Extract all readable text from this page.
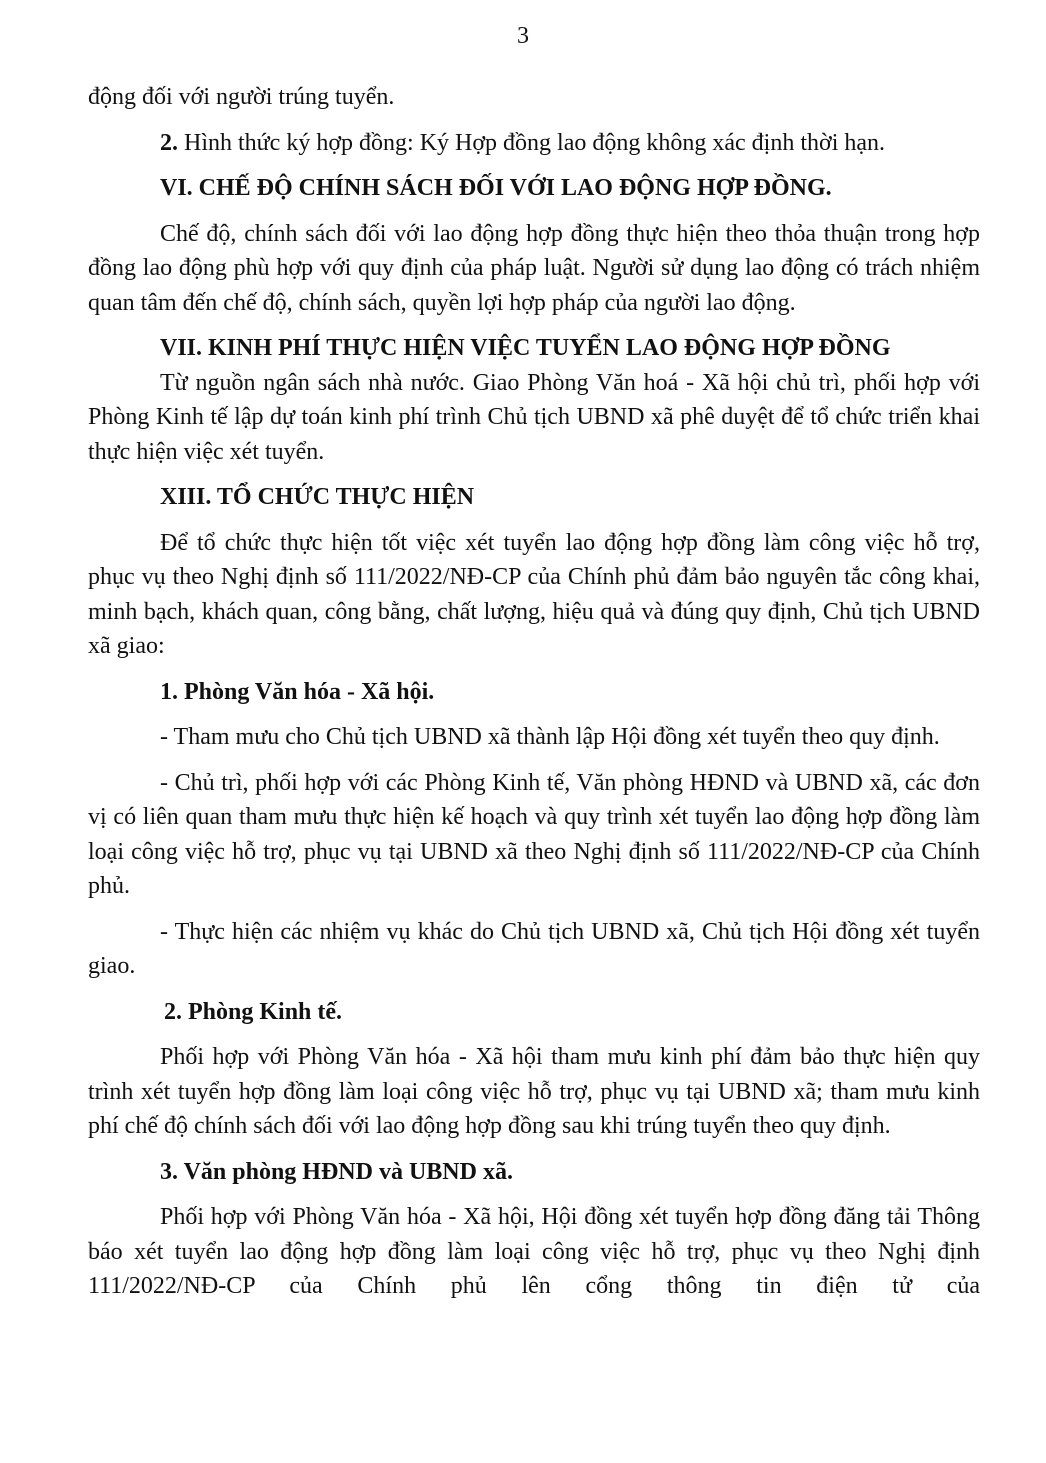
3

động đối với người trúng tuyển.

2. Hình thức ký hợp đồng: Ký Hợp đồng lao động không xác định thời hạn.

VI. CHẾ ĐỘ CHÍNH SÁCH ĐỐI VỚI LAO ĐỘNG HỢP ĐỒNG.

Chế độ, chính sách đối với lao động hợp đồng thực hiện theo thỏa thuận trong hợp đồng lao động phù hợp với quy định của pháp luật. Người sử dụng lao động có trách nhiệm quan tâm đến chế độ, chính sách, quyền lợi hợp pháp của người lao động.

VII. KINH PHÍ THỰC HIỆN VIỆC TUYỂN LAO ĐỘNG HỢP ĐỒNG

Từ nguồn ngân sách nhà nước. Giao Phòng Văn hoá - Xã hội chủ trì, phối hợp với Phòng Kinh tế lập dự toán kinh phí trình Chủ tịch UBND xã phê duyệt để tổ chức triển khai thực hiện việc xét tuyển.

XIII. TỔ CHỨC THỰC HIỆN

Để tổ chức thực hiện tốt việc xét tuyển lao động hợp đồng làm công việc hỗ trợ, phục vụ theo Nghị định số 111/2022/NĐ-CP của Chính phủ đảm bảo nguyên tắc công khai, minh bạch, khách quan, công bằng, chất lượng, hiệu quả và đúng quy định, Chủ tịch UBND xã giao:

1. Phòng Văn hóa - Xã hội.

- Tham mưu cho Chủ tịch UBND xã thành lập Hội đồng xét tuyển theo quy định.

- Chủ trì, phối hợp với các Phòng Kinh tế, Văn phòng HĐND và UBND xã, các đơn vị có liên quan tham mưu thực hiện kế hoạch và quy trình xét tuyển lao động hợp đồng làm loại công việc hỗ trợ, phục vụ tại UBND xã theo Nghị định số 111/2022/NĐ-CP của Chính phủ.

- Thực hiện các nhiệm vụ khác do Chủ tịch UBND xã, Chủ tịch Hội đồng xét tuyển giao.

2. Phòng Kinh tế.

Phối hợp với Phòng Văn hóa - Xã hội tham mưu kinh phí đảm bảo thực hiện quy trình xét tuyển hợp đồng làm loại công việc hỗ trợ, phục vụ tại UBND xã; tham mưu kinh phí chế độ chính sách đối với lao động hợp đồng sau khi trúng tuyển theo quy định.

3. Văn phòng HĐND và UBND xã.

Phối hợp với Phòng Văn hóa - Xã hội, Hội đồng xét tuyển hợp đồng đăng tải Thông báo xét tuyển lao động hợp đồng làm loại công việc hỗ trợ, phục vụ theo Nghị định 111/2022/NĐ-CP của Chính phủ lên cổng thông tin điện tử của
